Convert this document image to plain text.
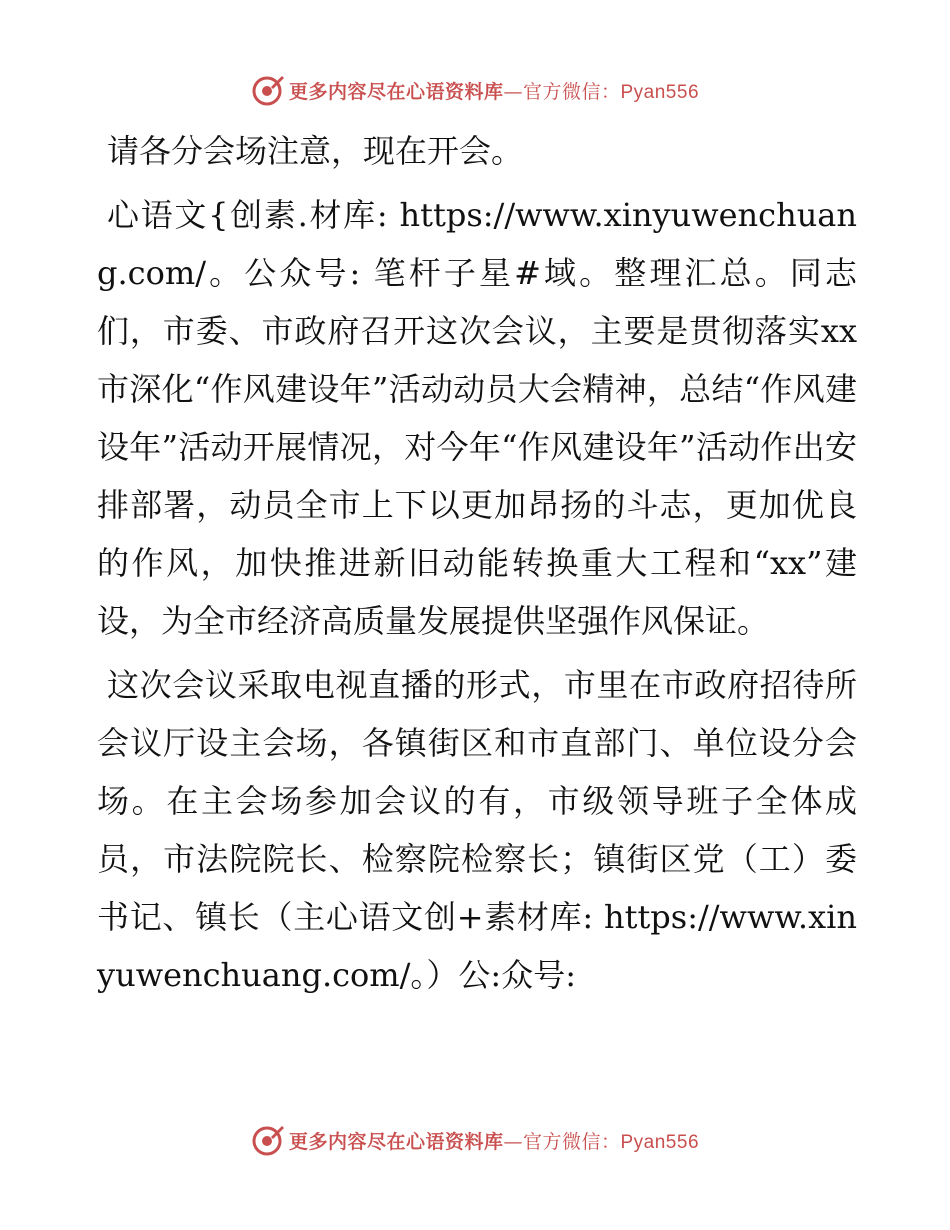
更多内容尽在心语资料库—官方微信：Pyan556

请各分会场注意，现在开会。

心语文{创素.材库: https://www.xinyuwenchuang.com/。公众号: 笔杆子星#域。整理汇总。同志们，市委、市政府召开这次会议，主要是贯彻落实xx市深化“作风建设年”活动动员大会精神，总结“作风建设年”活动开展情况，对今年“作风建设年”活动作出安排部署，动员全市上下以更加昂扬的斗志，更加优良的作风，加快推进新旧动能转换重大工程和“xx”建设，为全市经济高质量发展提供坚强作风保证。

这次会议采取电视直播的形式，市里在市政府招待所会议厅设主会场，各镇街区和市直部门、单位设分会场。在主会场参加会议的有，市级领导班子全体成员，市法院院长、检察院检察长；镇街区党（工）委书记、镇长（主心语文创+素材库: https://www.xinyuwenchuang.com/。）公:众号:

更多内容尽在心语资料库—官方微信：Pyan556
